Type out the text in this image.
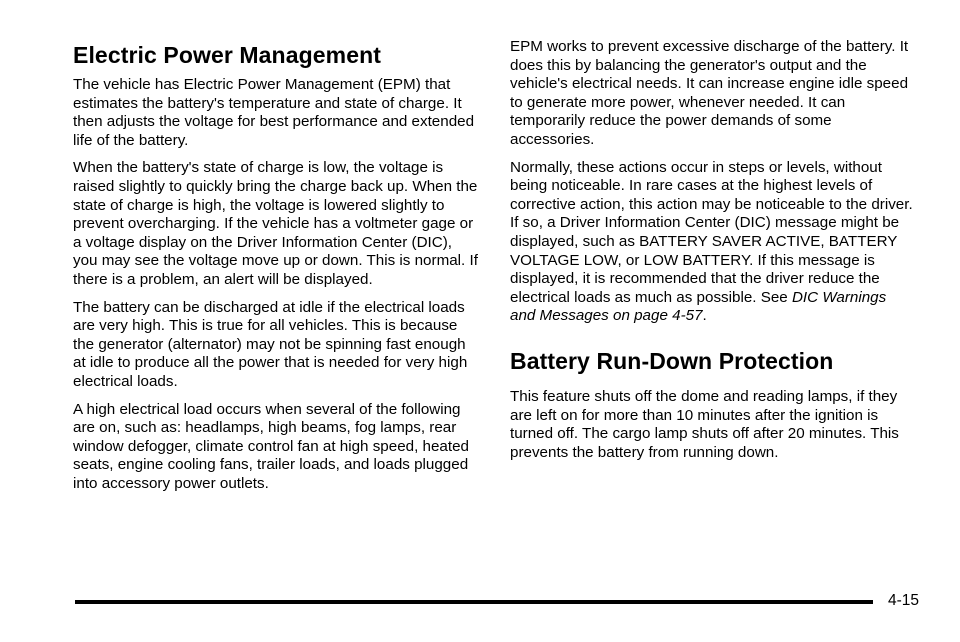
Electric Power Management

The vehicle has Electric Power Management (EPM) that estimates the battery's temperature and state of charge. It then adjusts the voltage for best performance and extended life of the battery.

When the battery's state of charge is low, the voltage is raised slightly to quickly bring the charge back up. When the state of charge is high, the voltage is lowered slightly to prevent overcharging. If the vehicle has a voltmeter gage or a voltage display on the Driver Information Center (DIC), you may see the voltage move up or down. This is normal. If there is a problem, an alert will be displayed.

The battery can be discharged at idle if the electrical loads are very high. This is true for all vehicles. This is because the generator (alternator) may not be spinning fast enough at idle to produce all the power that is needed for very high electrical loads.

A high electrical load occurs when several of the following are on, such as: headlamps, high beams, fog lamps, rear window defogger, climate control fan at high speed, heated seats, engine cooling fans, trailer loads, and loads plugged into accessory power outlets.

EPM works to prevent excessive discharge of the battery. It does this by balancing the generator's output and the vehicle's electrical needs. It can increase engine idle speed to generate more power, whenever needed. It can temporarily reduce the power demands of some accessories.

Normally, these actions occur in steps or levels, without being noticeable. In rare cases at the highest levels of corrective action, this action may be noticeable to the driver. If so, a Driver Information Center (DIC) message might be displayed, such as BATTERY SAVER ACTIVE, BATTERY VOLTAGE LOW, or LOW BATTERY. If this message is displayed, it is recommended that the driver reduce the electrical loads as much as possible. See DIC Warnings and Messages on page 4-57.

Battery Run-Down Protection

This feature shuts off the dome and reading lamps, if they are left on for more than 10 minutes after the ignition is turned off. The cargo lamp shuts off after 20 minutes. This prevents the battery from running down.

4-15
